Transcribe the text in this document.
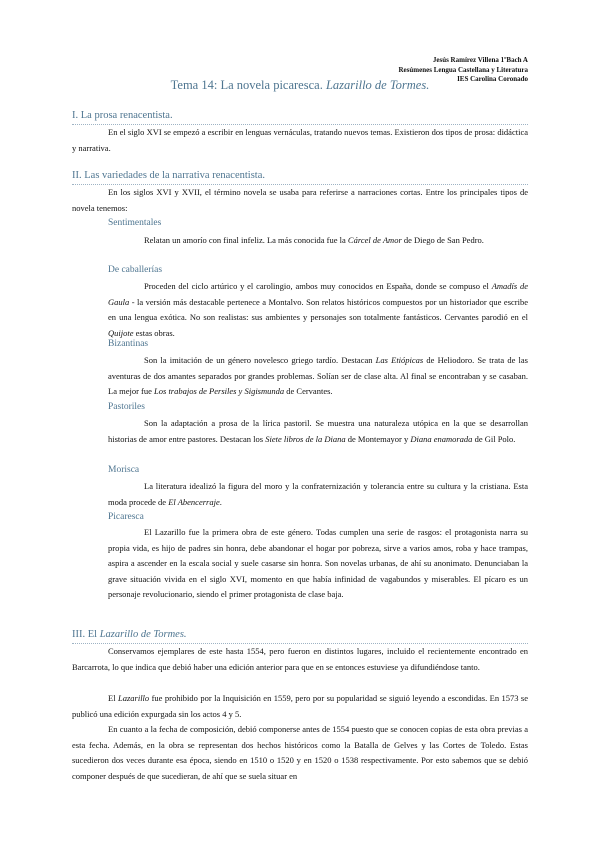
Jesús Ramírez Villena 1ºBach A
Resúmenes Lengua Castellana y Literatura
IES Carolina Coronado
Tema 14: La novela picaresca. Lazarillo de Tormes.
I. La prosa renacentista.
En el siglo XVI se empezó a escribir en lenguas vernáculas, tratando nuevos temas. Existieron dos tipos de prosa: didáctica y narrativa.
II. Las variedades de la narrativa renacentista.
En los siglos XVI y XVII, el término novela se usaba para referirse a narraciones cortas. Entre los principales tipos de novela tenemos:
Sentimentales
Relatan un amorío con final infeliz. La más conocida fue la Cárcel de Amor de Diego de San Pedro.
De caballerías
Proceden del ciclo artúrico y el carolingio, ambos muy conocidos en España, donde se compuso el Amadís de Gaula - la versión más destacable pertenece a Montalvo. Son relatos históricos compuestos por un historiador que escribe en una lengua exótica. No son realistas: sus ambientes y personajes son totalmente fantásticos. Cervantes parodió en el Quijote estas obras.
Bizantinas
Son la imitación de un género novelesco griego tardío. Destacan Las Etiópicas de Heliodoro. Se trata de las aventuras de dos amantes separados por grandes problemas. Solían ser de clase alta. Al final se encontraban y se casaban. La mejor fue Los trabajos de Persiles y Sigismunda de Cervantes.
Pastoriles
Son la adaptación a prosa de la lírica pastoril. Se muestra una naturaleza utópica en la que se desarrollan historias de amor entre pastores. Destacan los Siete libros de la Diana de Montemayor y Diana enamorada de Gil Polo.
Morisca
La literatura idealizó la figura del moro y la confraternización y tolerancia entre su cultura y la cristiana. Esta moda procede de El Abencerraje.
Picaresca
El Lazarillo fue la primera obra de este género. Todas cumplen una serie de rasgos: el protagonista narra su propia vida, es hijo de padres sin honra, debe abandonar el hogar por pobreza, sirve a varios amos, roba y hace trampas, aspira a ascender en la escala social y suele casarse sin honra. Son novelas urbanas, de ahí su anonimato. Denunciaban la grave situación vivida en el siglo XVI, momento en que había infinidad de vagabundos y miserables. El pícaro es un personaje revolucionario, siendo el primer protagonista de clase baja.
III. El Lazarillo de Tormes.
Conservamos ejemplares de este hasta 1554, pero fueron en distintos lugares, incluido el recientemente encontrado en Barcarrota, lo que indica que debió haber una edición anterior para que en se entonces estuviese ya difundiéndose tanto.
El Lazarillo fue prohibido por la Inquisición en 1559, pero por su popularidad se siguió leyendo a escondidas. En 1573 se publicó una edición expurgada sin los actos 4 y 5.
En cuanto a la fecha de composición, debió componerse antes de 1554 puesto que se conocen copias de esta obra previas a esta fecha. Además, en la obra se representan dos hechos históricos como la Batalla de Gelves y las Cortes de Toledo. Estas sucedieron dos veces durante esa época, siendo en 1510 o 1520 y en 1520 o 1538 respectivamente. Por esto sabemos que se debió componer después de que sucedieran, de ahí que se suela situar en
